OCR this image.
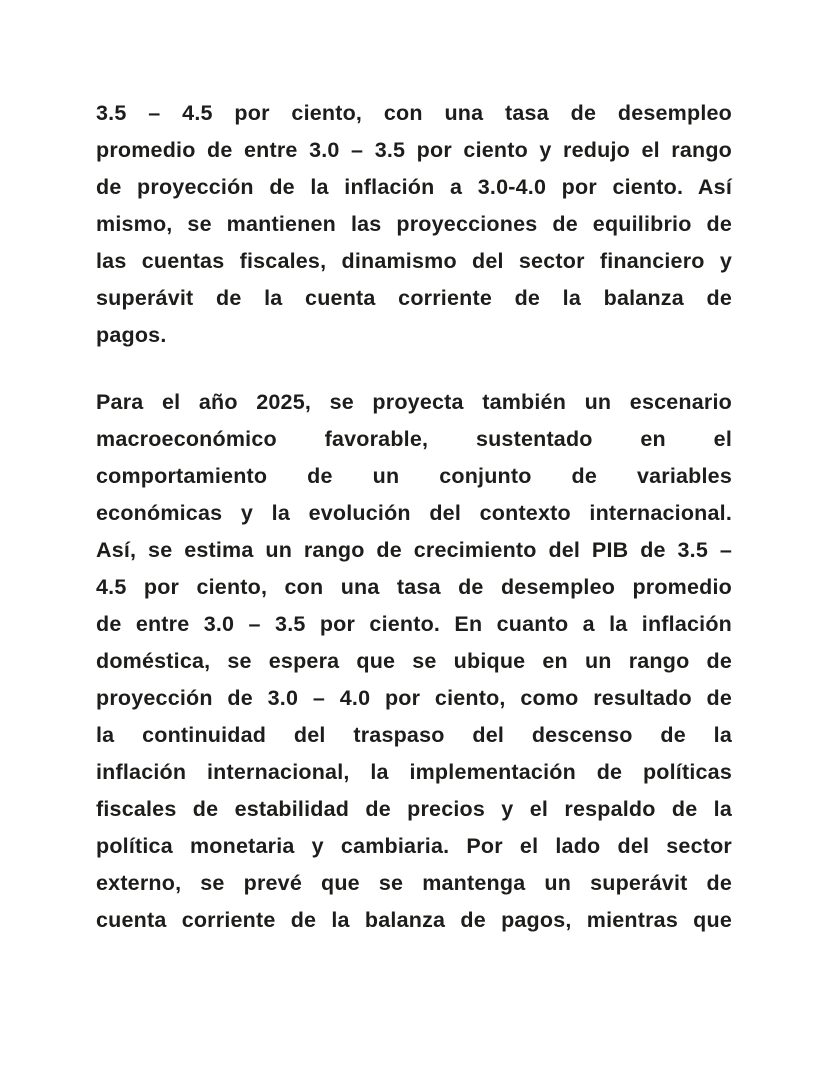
3.5 – 4.5 por ciento, con una tasa de desempleo
promedio de entre 3.0 – 3.5 por ciento y redujo el rango
de proyección de la inflación a 3.0-4.0 por ciento. Así
mismo, se mantienen las proyecciones de equilibrio de
las cuentas fiscales, dinamismo del sector financiero y
superávit de la cuenta corriente de la balanza de
pagos.
Para el año 2025, se proyecta también un escenario
macroeconómico favorable, sustentado en el
comportamiento de un conjunto de variables
económicas y la evolución del contexto internacional.
Así, se estima un rango de crecimiento del PIB de 3.5 –
4.5 por ciento, con una tasa de desempleo promedio
de entre 3.0 – 3.5 por ciento. En cuanto a la inflación
doméstica, se espera que se ubique en un rango de
proyección de 3.0 – 4.0 por ciento, como resultado de
la continuidad del traspaso del descenso de la
inflación internacional, la implementación de políticas
fiscales de estabilidad de precios y el respaldo de la
política monetaria y cambiaria. Por el lado del sector
externo, se prevé que se mantenga un superávit de
cuenta corriente de la balanza de pagos, mientras que
